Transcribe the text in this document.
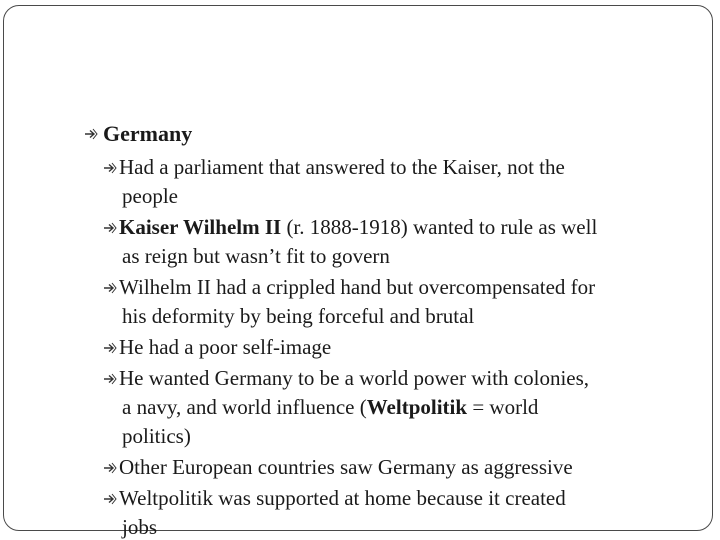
Germany
Had a parliament that answered to the Kaiser, not the
people
Kaiser Wilhelm II (r. 1888-1918) wanted to rule as well
as reign but wasn’t fit to govern
Wilhelm II had a crippled hand but overcompensated for
his deformity by being forceful and brutal
He had a poor self-image
He wanted Germany to be a world power with colonies,
a navy, and world influence (Weltpolitik = world
politics)
Other European countries saw Germany as aggressive
Weltpolitik was supported at home because it created
jobs
